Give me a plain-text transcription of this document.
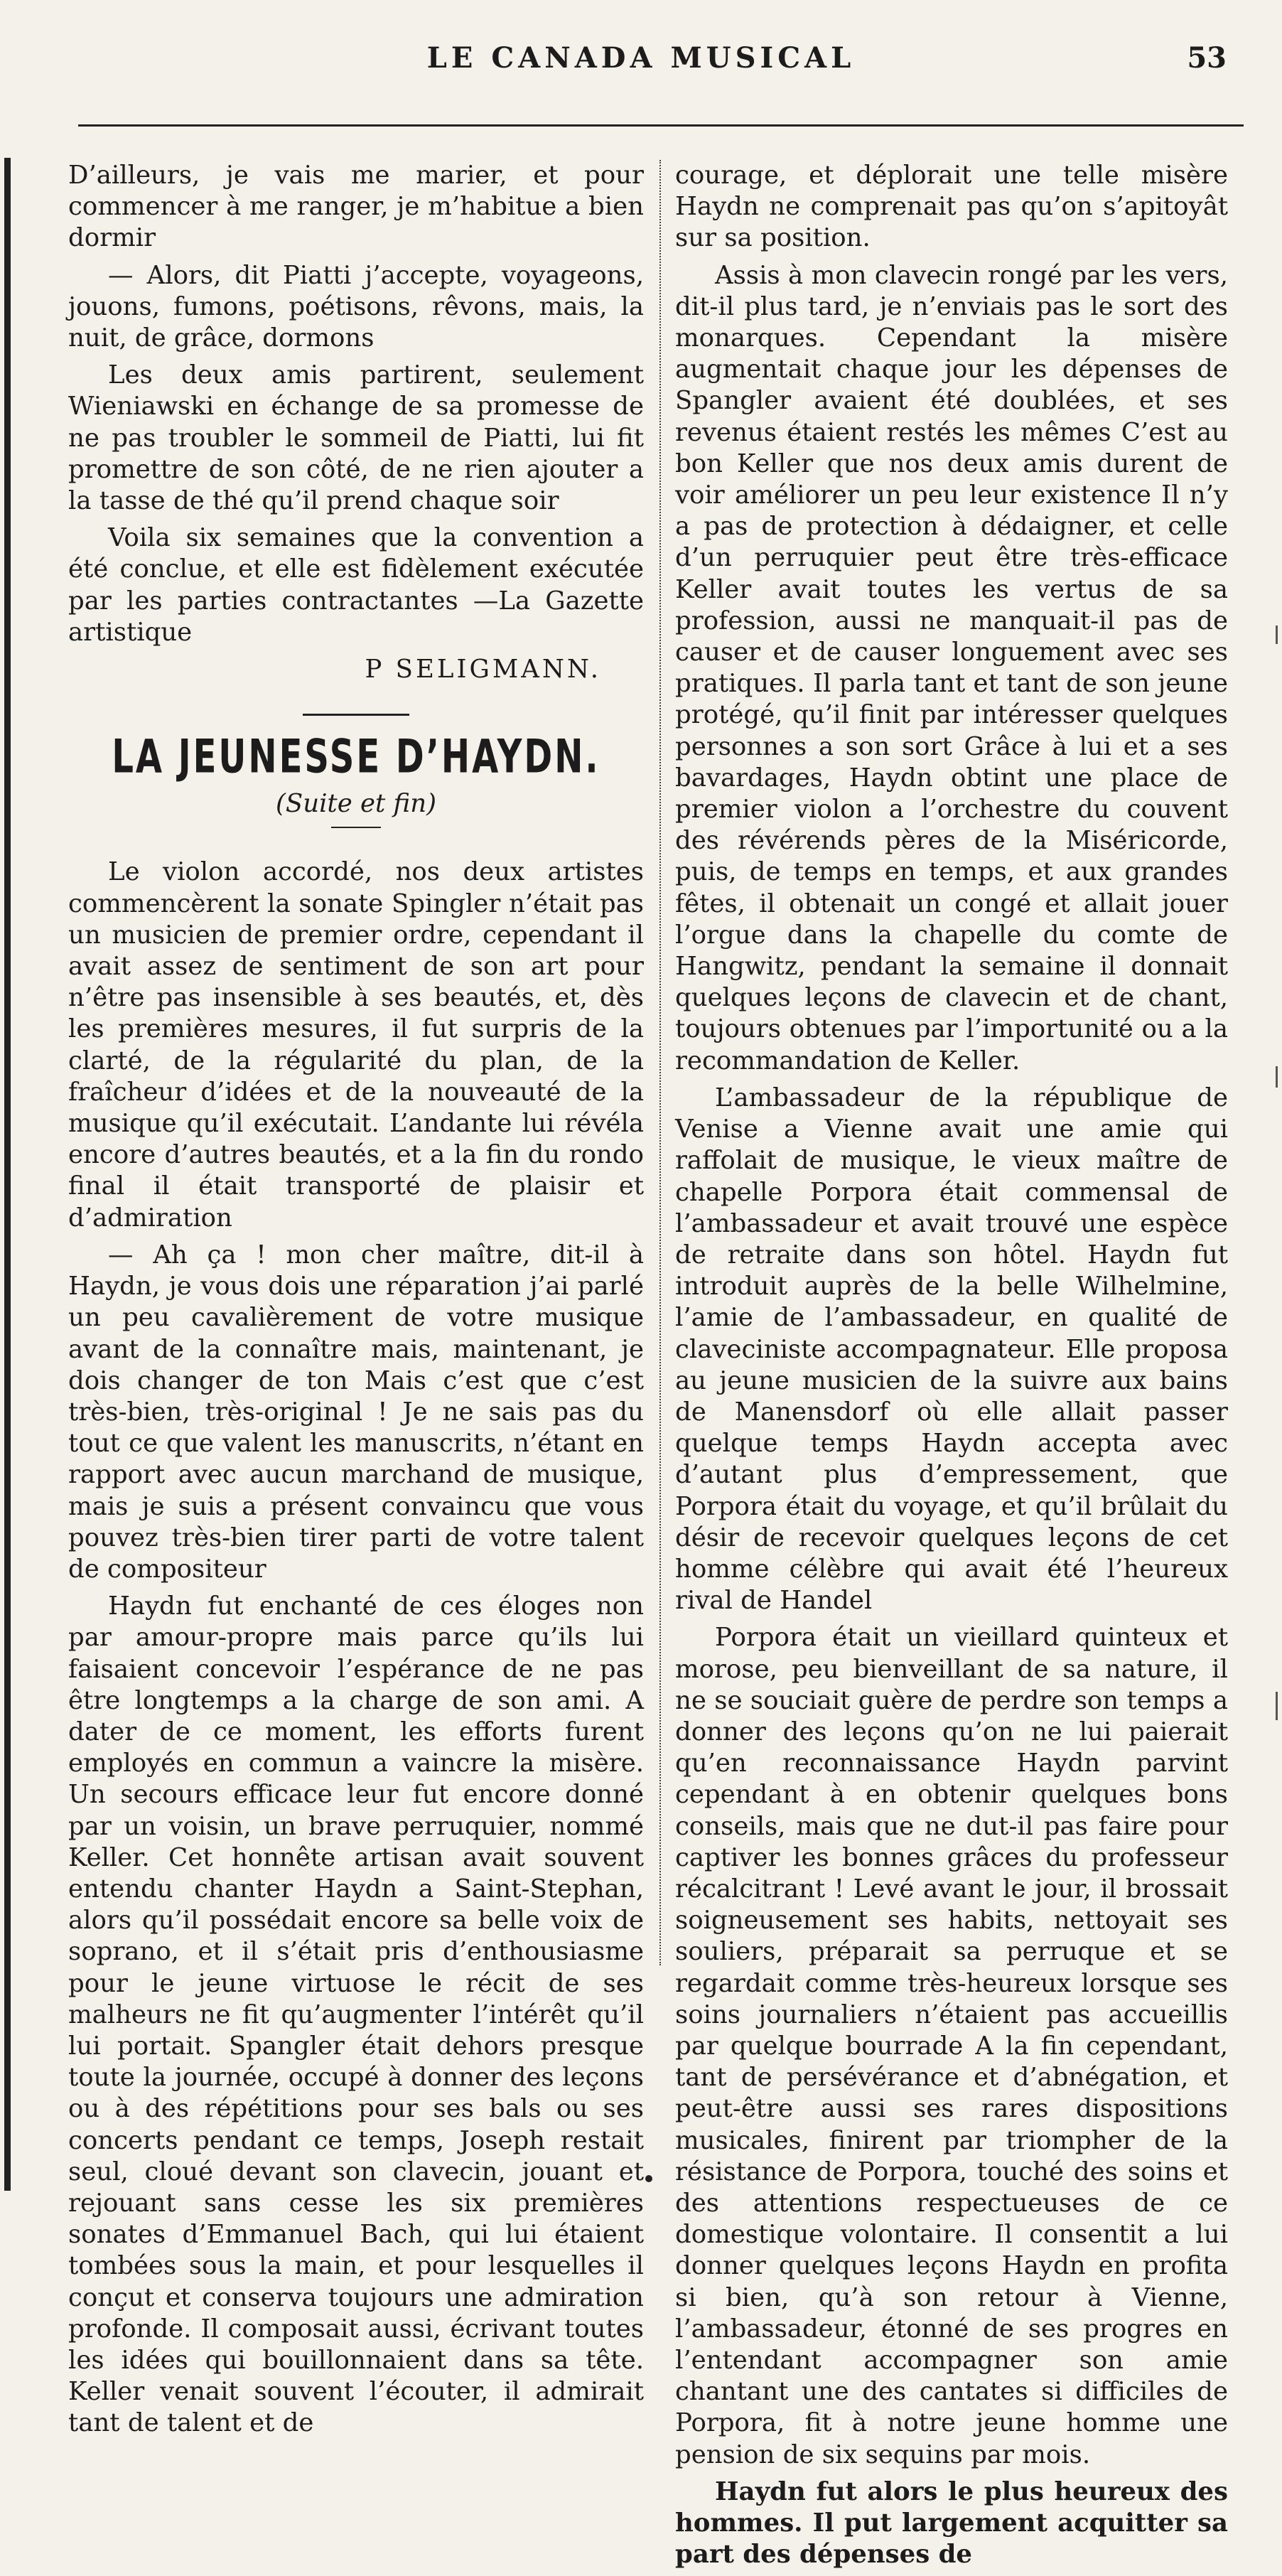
LE CANADA MUSICAL	53

D’ailleurs, je vais me marier, et pour commencer à me ranger, je m’habitue a bien dormir

— Alors, dit Piatti j’accepte, voyageons, jouons, fumons, poétisons, rêvons, mais, la nuit, de grâce, dormons

Les deux amis partirent, seulement Wieniawski en échange de sa promesse de ne pas troubler le sommeil de Piatti, lui fit promettre de son côté, de ne rien ajouter a la tasse de thé qu’il prend chaque soir

Voila six semaines que la convention a été conclue, et elle est fidèlement exécutée par les parties contractantes —La Gazette artistique

P SELIGMANN.
LA JEUNESSE D’HAYDN.
(Suite et fin)

Le violon accordé, nos deux artistes commencèrent la sonate Spingler n’était pas un musicien de premier ordre, cependant il avait assez de sentiment de son art pour n’être pas insensible à ses beautés, et, dès les premières mesures, il fut surpris de la clarté, de la régularité du plan, de la fraîcheur d’idées et de la nouveauté de la musique qu’il exécutait. L’andante lui révéla encore d’autres beautés, et a la fin du rondo final il était transporté de plaisir et d’admiration

— Ah ça ! mon cher maître, dit-il à Haydn, je vous dois une réparation j’ai parlé un peu cavalièrement de votre musique avant de la connaître mais, maintenant, je dois changer de ton Mais c’est que c’est très-bien, très-original ! Je ne sais pas du tout ce que valent les manuscrits, n’étant en rapport avec aucun marchand de musique, mais je suis a présent convaincu que vous pouvez très-bien tirer parti de votre talent de compositeur

Haydn fut enchanté de ces éloges non par amour-propre mais parce qu’ils lui faisaient concevoir l’espérance de ne pas être longtemps a la charge de son ami. A dater de ce moment, les efforts furent employés en commun a vaincre la misère. Un secours efficace leur fut encore donné par un voisin, un brave perruquier, nommé Keller. Cet honnête artisan avait souvent entendu chanter Haydn a Saint-Stephan, alors qu’il possédait encore sa belle voix de soprano, et il s’était pris d’enthousiasme pour le jeune virtuose le récit de ses malheurs ne fit qu’augmenter l’intérêt qu’il lui portait. Spangler était dehors presque toute la journée, occupé à donner des leçons ou à des répétitions pour ses bals ou ses concerts pendant ce temps, Joseph restait seul, cloué devant son clavecin, jouant et rejouant sans cesse les six premières sonates d’Emmanuel Bach, qui lui étaient tombées sous la main, et pour lesquelles il conçut et conserva toujours une admiration profonde. Il composait aussi, écrivant toutes les idées qui bouillonnaient dans sa tête. Keller venait souvent l’écouter, il admirait tant de talent et de

courage, et déplorait une telle misère Haydn ne comprenait pas qu’on s’apitoyât sur sa position.

Assis à mon clavecin rongé par les vers, dit-il plus tard, je n’enviais pas le sort des monarques. Cependant la misère augmentait chaque jour les dépenses de Spangler avaient été doublées, et ses revenus étaient restés les mêmes C’est au bon Keller que nos deux amis durent de voir améliorer un peu leur existence Il n’y a pas de protection à dédaigner, et celle d’un perruquier peut être très-efficace Keller avait toutes les vertus de sa profession, aussi ne manquait-il pas de causer et de causer longuement avec ses pratiques. Il parla tant et tant de son jeune protégé, qu’il finit par intéresser quelques personnes a son sort Grâce à lui et a ses bavardages, Haydn obtint une place de premier violon a l’orchestre du couvent des révérends pères de la Miséricorde, puis, de temps en temps, et aux grandes fêtes, il obtenait un congé et allait jouer l’orgue dans la chapelle du comte de Hangwitz, pendant la semaine il donnait quelques leçons de clavecin et de chant, toujours obtenues par l’importunité ou a la recommandation de Keller.

L’ambassadeur de la république de Venise a Vienne avait une amie qui raffolait de musique, le vieux maître de chapelle Porpora était commensal de l’ambassadeur et avait trouvé une espèce de retraite dans son hôtel. Haydn fut introduit auprès de la belle Wilhelmine, l’amie de l’ambassadeur, en qualité de claveciniste accompagnateur. Elle proposa au jeune musicien de la suivre aux bains de Manensdorf où elle allait passer quelque temps Haydn accepta avec d’autant plus d’empressement, que Porpora était du voyage, et qu’il brûlait du désir de recevoir quelques leçons de cet homme célèbre qui avait été l’heureux rival de Handel

Porpora était un vieillard quinteux et morose, peu bienveillant de sa nature, il ne se souciait guère de perdre son temps a donner des leçons qu’on ne lui paierait qu’en reconnaissance Haydn parvint cependant à en obtenir quelques bons conseils, mais que ne dut-il pas faire pour captiver les bonnes grâces du professeur récalcitrant ! Levé avant le jour, il brossait soigneusement ses habits, nettoyait ses souliers, préparait sa perruque et se regardait comme très-heureux lorsque ses soins journaliers n’étaient pas accueillis par quelque bourrade A la fin cependant, tant de persévérance et d’abnégation, et peut-être aussi ses rares dispositions musicales, finirent par triompher de la résistance de Porpora, touché des soins et des attentions respectueuses de ce domestique volontaire. Il consentit a lui donner quelques leçons Haydn en profita si bien, qu’à son retour à Vienne, l’ambassadeur, étonné de ses progres en l’entendant accompagner son amie chantant une des cantates si difficiles de Porpora, fit à notre jeune homme une pension de six sequins par mois.

Haydn fut alors le plus heureux des hommes. Il put largement acquitter sa part des dépenses de
